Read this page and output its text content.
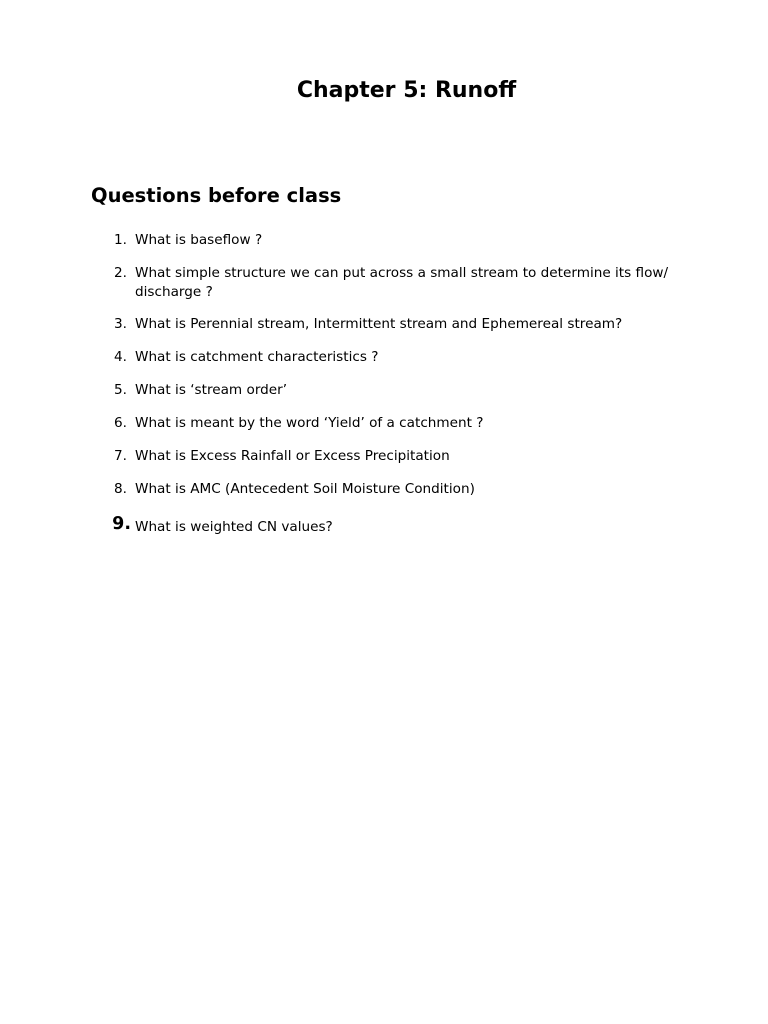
Chapter 5: Runoff
Questions before class
1. What is baseflow ?
2. What simple structure we can put across a small stream to determine its flow/ discharge ?
3. What is Perennial stream, Intermittent stream and Ephemereal stream?
4. What is catchment characteristics ?
5. What is ‘stream order’
6. What is meant by the word ‘Yield’ of a catchment ?
7. What is Excess Rainfall or Excess Precipitation
8. What is AMC (Antecedent Soil Moisture Condition)
9. What is weighted CN values?
